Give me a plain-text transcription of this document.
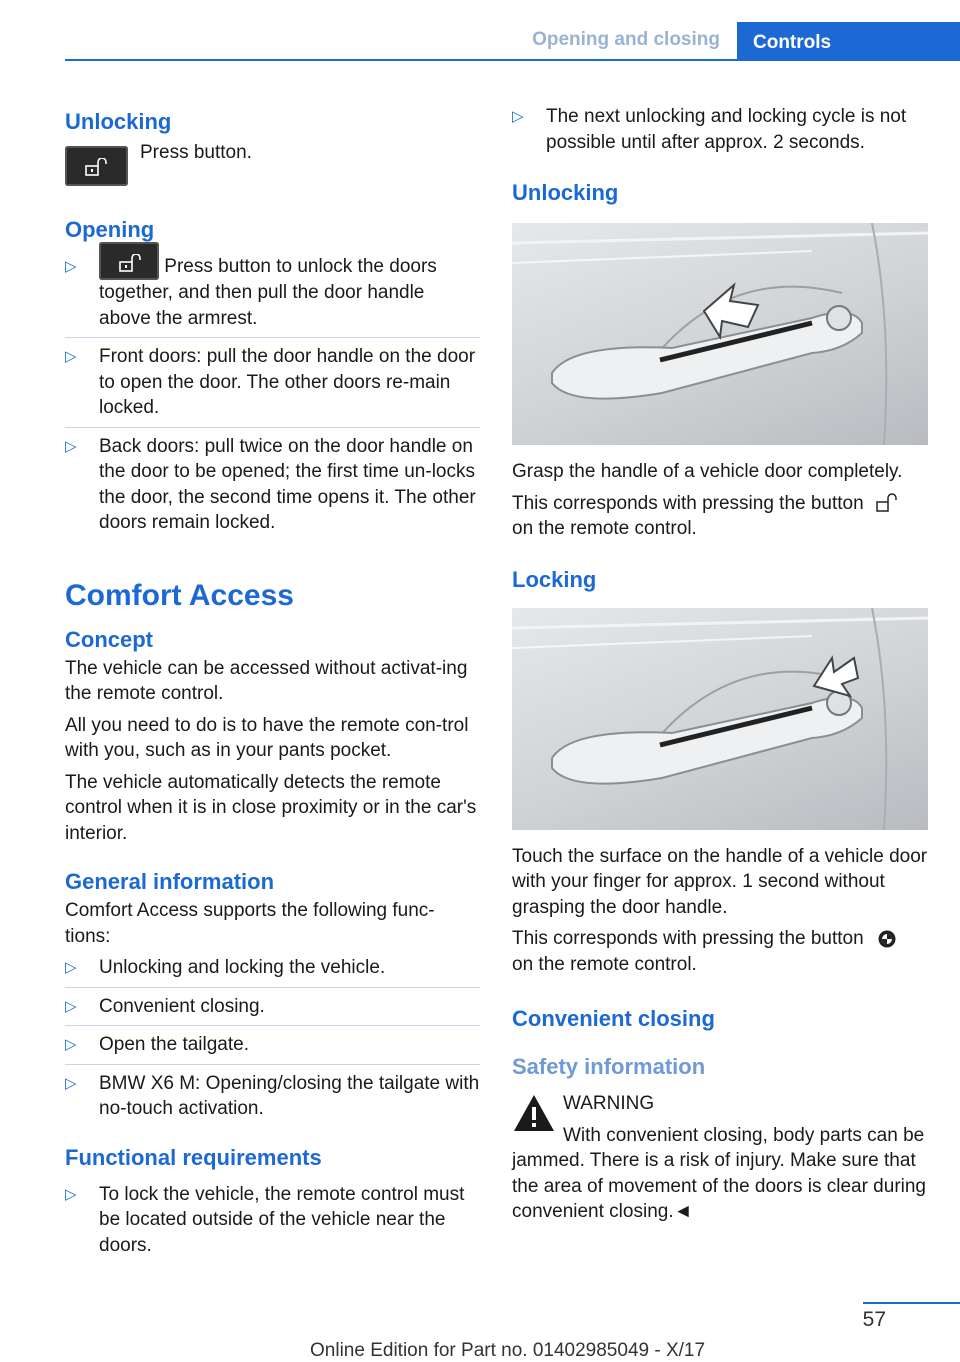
Opening and closing	Controls
Unlocking

Press button.

Opening
▷	Press button to unlock the doors together, and then pull the door handle above the armrest.
▷ Front doors: pull the door handle on the door to open the door. The other doors re-main locked.
▷ Back doors: pull twice on the door handle on the door to be opened; the first time un-locks the door, the second time opens it. The other doors remain locked.
Comfort Access
Concept

The vehicle can be accessed without activat-ing the remote control.

All you need to do is to have the remote con-trol with you, such as in your pants pocket.

The vehicle automatically detects the remote control when it is in close proximity or in the car's interior.

General information

Comfort Access supports the following func-tions:

▷ Unlocking and locking the vehicle.
▷ Convenient closing.
▷ Open the tailgate.
▷ BMW X6 M: Opening/closing the tailgate with no-touch activation.
Functional requirements
▷ To lock the vehicle, the remote control must be located outside of the vehicle near the doors.
▷ The next unlocking and locking cycle is not possible until after approx. 2 seconds.
Unlocking

Grasp the handle of a vehicle door completely.

This corresponds with pressing the button
on the remote control.

Locking

Touch the surface on the handle of a vehicle door with your finger for approx. 1 second without grasping the door handle.

This corresponds with pressing the button
on the remote control.

Convenient closing
Safety information

WARNING

With convenient closing, body parts can be jammed. There is a risk of injury. Make sure that the area of movement of the doors is clear during convenient closing.◄

57
Online Edition for Part no. 01402985049 - X/17
